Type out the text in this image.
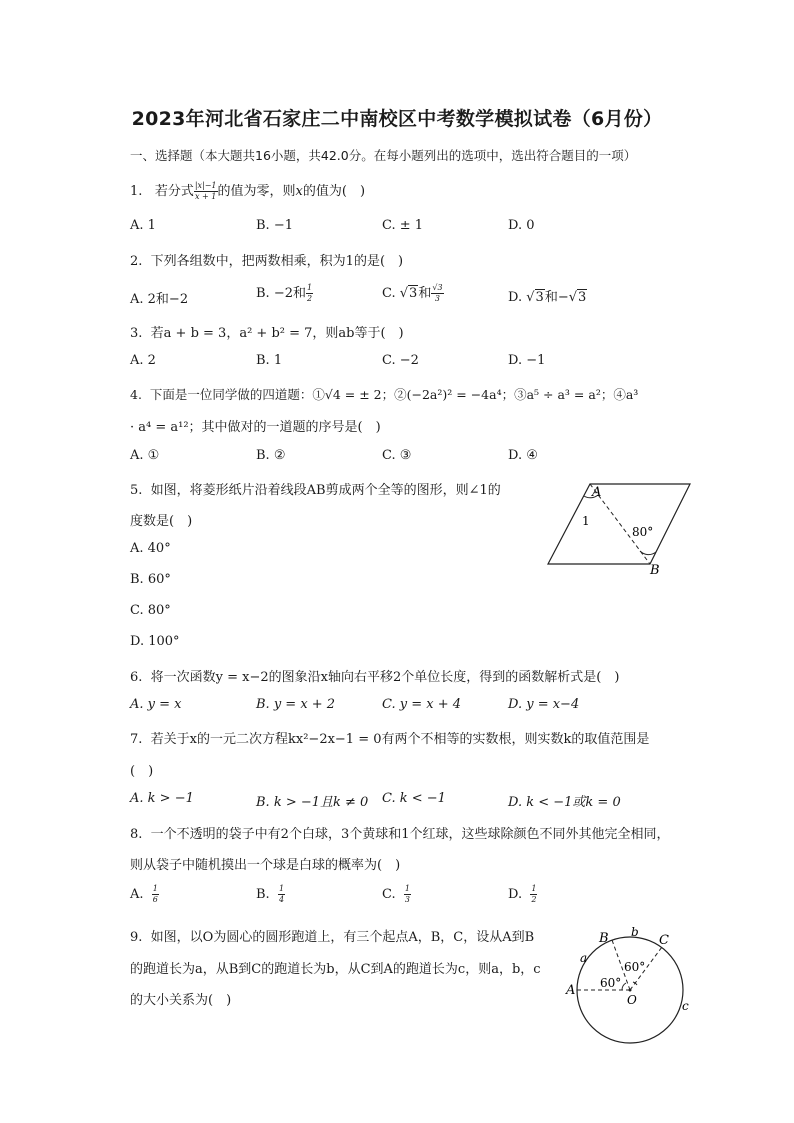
2023年河北省石家庄二中南校区中考数学模拟试卷（6月份）
一、选择题（本大题共16小题，共42.0分。在每小题列出的选项中，选出符合题目的一项）
1. 若分式 $\frac{|x|-1}{x + 1}$ 的值为零，则x的值为(　)
A. 1	B. −1	C. ± 1	D. 0
2. 下列各组数中，把两数相乘，积为1的是(　)
A. 2和−2	B. −2和 $\frac{1}{2}$	C. √3和 $\frac{√3}{3}$	D. √3和−√3
3. 若a + b = 3，a² + b² = 7，则ab等于(　)
A. 2	B. 1	C. −2	D. −1
4. 下面是一位同学做的四道题：①√4 = ± 2；②(−2a²)² = −4a⁴；③a⁵ ÷ a³ = a²；④a³
· a⁴ = a¹²；其中做对的一道题的序号是(　)
A. ①	B. ②	C. ③	D. ④
5. 如图，将菱形纸片沿着线段AB剪成两个全等的图形，则∠1的
度数是(　)
A. 40°
B. 60°
C. 80°
D. 100°
A
B
1
80°
6. 将一次函数y = x−2的图象沿x轴向右平移2个单位长度，得到的函数解析式是(　)
A. y = x	B. y = x + 2	C. y = x + 4	D. y = x−4
7. 若关于x的一元二次方程kx²−2x−1 = 0有两个不相等的实数根，则实数k的取值范围是
(　)
A. k > −1	B. k > −1且k ≠ 0 C. k < −1	D. k < −1或k = 0
8. 一个不透明的袋子中有2个白球，3个黄球和1个红球，这些球除颜色不同外其他完全相同，
则从袋子中随机摸出一个球是白球的概率为(　)
A. $\frac{1}{6}$	B. $\frac{1}{4}$	C. $\frac{1}{3}$	D. $\frac{1}{2}$
9. 如图，以O为圆心的圆形跑道上，有三个起点A，B，C，设从A到B
的跑道长为a，从B到C的跑道长为b，从C到A的跑道长为c，则a，b，c
的大小关系为(　)
A
B	C
O
a
b
c
60°
60°
